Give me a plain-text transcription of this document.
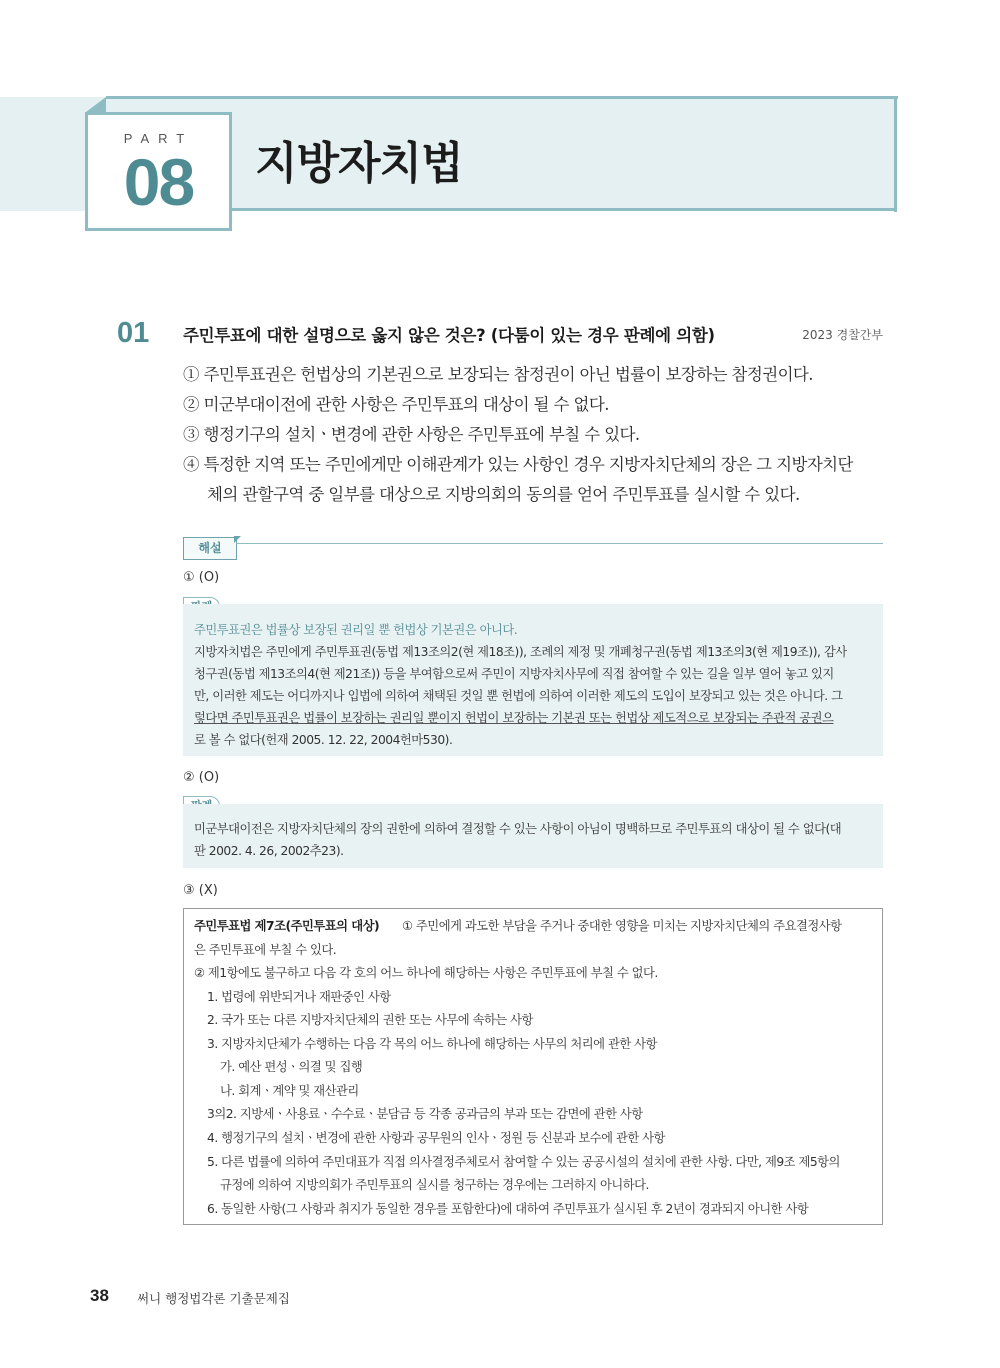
PART
08	지방자치법
01 주민투표에 대한 설명으로 옳지 않은 것은? (다툼이 있는 경우 판례에 의함)	2023 경찰간부
① 주민투표권은 헌법상의 기본권으로 보장되는 참정권이 아닌 법률이 보장하는 참정권이다.
② 미군부대이전에 관한 사항은 주민투표의 대상이 될 수 없다.
③ 행정기구의 설치ㆍ변경에 관한 사항은 주민투표에 부칠 수 있다.
④ 특정한 지역 또는 주민에게만 이해관계가 있는 사항인 경우 지방자치단체의 장은 그 지방자치단
체의 관할구역 중 일부를 대상으로 지방의회의 동의를 얻어 주민투표를 실시할 수 있다.
해설
① (O)
주민투표권은 법률상 보장된 권리일 뿐 헌법상 기본권은 아니다.
지방자치법은 주민에게 주민투표권(동법 제13조의2(현 제18조)), 조례의 제정 및 개폐청구권(동법 제13조의3(현 제19조)), 감사
청구권(동법 제13조의4(현 제21조)) 등을 부여함으로써 주민이 지방자치사무에 직접 참여할 수 있는 길을 일부 열어 놓고 있지
만, 이러한 제도는 어디까지나 입법에 의하여 채택된 것일 뿐 헌법에 의하여 이러한 제도의 도입이 보장되고 있는 것은 아니다. 그
렇다면 주민투표권은 법률이 보장하는 권리일 뿐이지 헌법이 보장하는 기본권 또는 헌법상 제도적으로 보장되는 주관적 공권으
로 볼 수 없다(헌재 2005. 12. 22, 2004헌마530).
② (O)
미군부대이전은 지방자치단체의 장의 권한에 의하여 결정할 수 있는 사항이 아님이 명백하므로 주민투표의 대상이 될 수 없다(대
판 2002. 4. 26, 2002추23).
③ (X)
주민투표법 제7조(주민투표의 대상) ① 주민에게 과도한 부담을 주거나 중대한 영향을 미치는 지방자치단체의 주요결정사항
은 주민투표에 부칠 수 있다.
② 제1항에도 불구하고 다음 각 호의 어느 하나에 해당하는 사항은 주민투표에 부칠 수 없다.
1. 법령에 위반되거나 재판중인 사항
2. 국가 또는 다른 지방자치단체의 권한 또는 사무에 속하는 사항
3. 지방자치단체가 수행하는 다음 각 목의 어느 하나에 해당하는 사무의 처리에 관한 사항
가. 예산 편성ㆍ의결 및 집행
나. 회계ㆍ계약 및 재산관리
3의2. 지방세ㆍ사용료ㆍ수수료ㆍ분담금 등 각종 공과금의 부과 또는 감면에 관한 사항
4. 행정기구의 설치ㆍ변경에 관한 사항과 공무원의 인사ㆍ정원 등 신분과 보수에 관한 사항
5. 다른 법률에 의하여 주민대표가 직접 의사결정주체로서 참여할 수 있는 공공시설의 설치에 관한 사항. 다만, 제9조 제5항의
규정에 의하여 지방의회가 주민투표의 실시를 청구하는 경우에는 그러하지 아니하다.
6. 동일한 사항(그 사항과 취지가 동일한 경우를 포함한다)에 대하여 주민투표가 실시된 후 2년이 경과되지 아니한 사항
38 써니 행정법각론 기출문제집
